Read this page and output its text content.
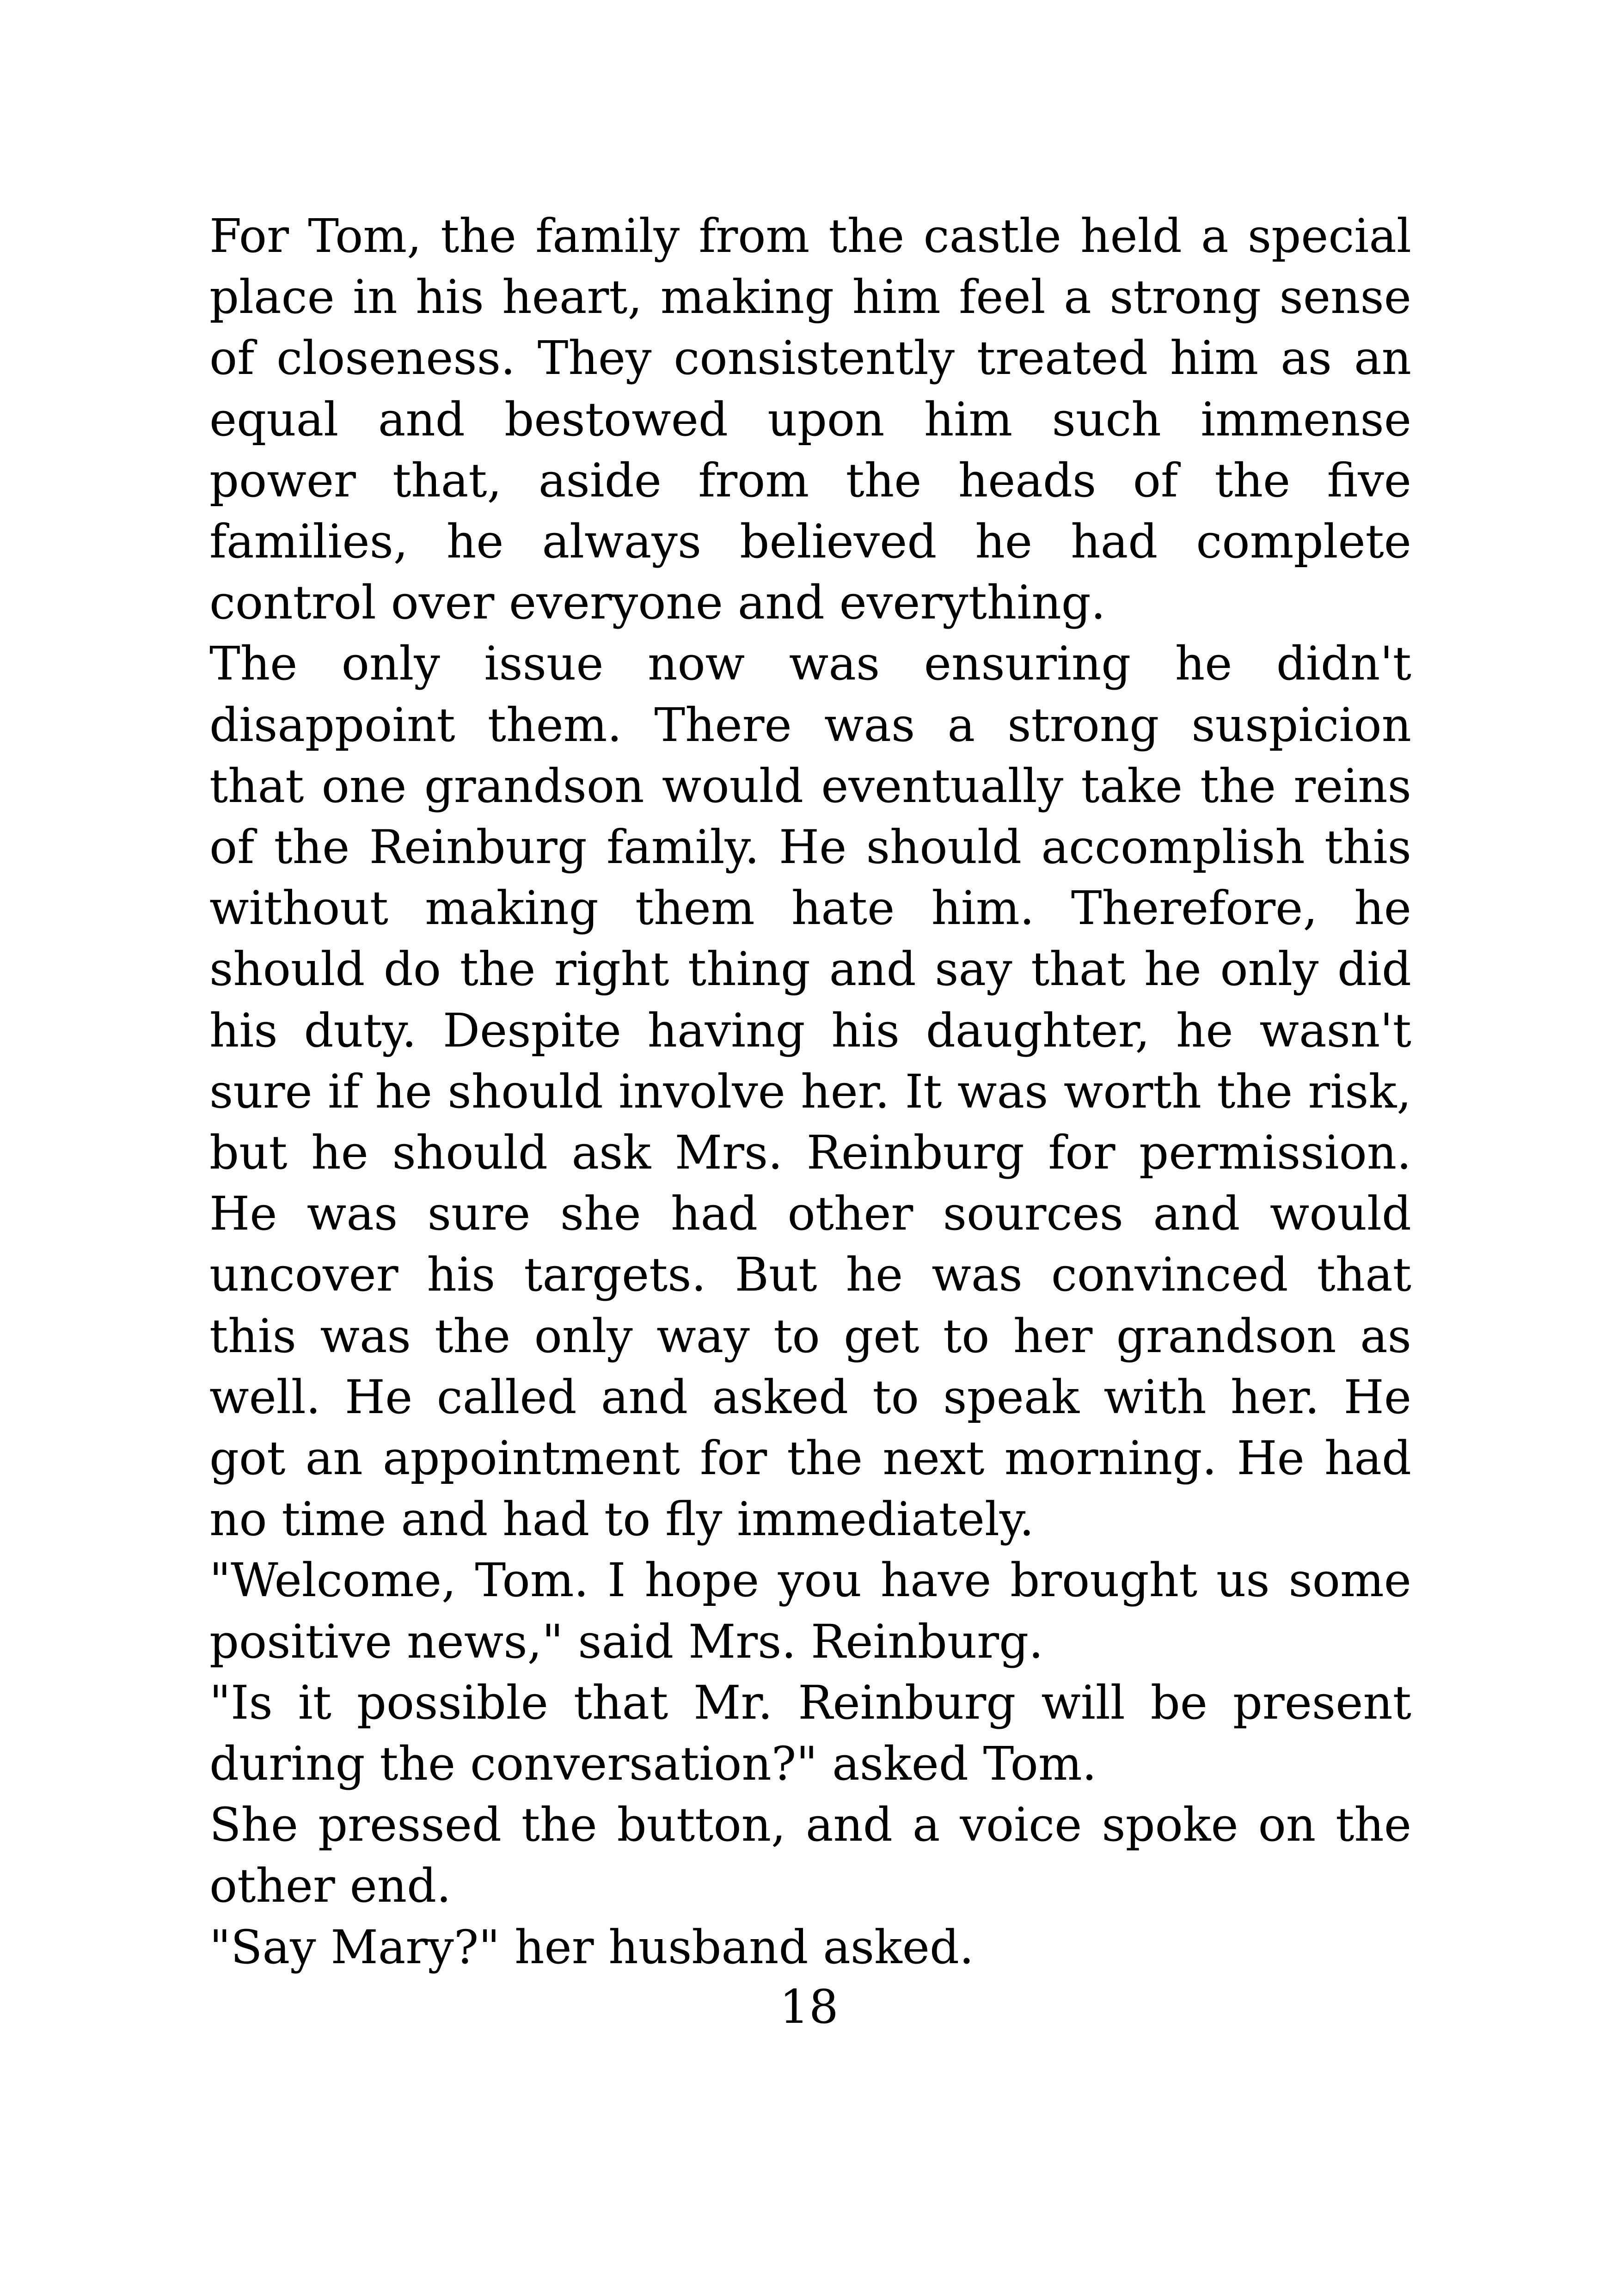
For Tom, the family from the castle held a special place in his heart, making him feel a strong sense of closeness. They consistently treated him as an equal and bestowed upon him such immense power that, aside from the heads of the five families, he always believed he had complete control over everyone and everything.

The only issue now was ensuring he didn't disappoint them. There was a strong suspicion that one grandson would eventually take the reins of the Reinburg family. He should accomplish this without making them hate him. Therefore, he should do the right thing and say that he only did his duty. Despite having his daughter, he wasn't sure if he should involve her. It was worth the risk, but he should ask Mrs. Reinburg for permission. He was sure she had other sources and would uncover his targets. But he was convinced that this was the only way to get to her grandson as well. He called and asked to speak with her. He got an appointment for the next morning. He had no time and had to fly immediately.

"Welcome, Tom. I hope you have brought us some positive news," said Mrs. Reinburg.

"Is it possible that Mr. Reinburg will be present during the conversation?" asked Tom.

She pressed the button, and a voice spoke on the other end.

"Say Mary?" her husband asked.

18
